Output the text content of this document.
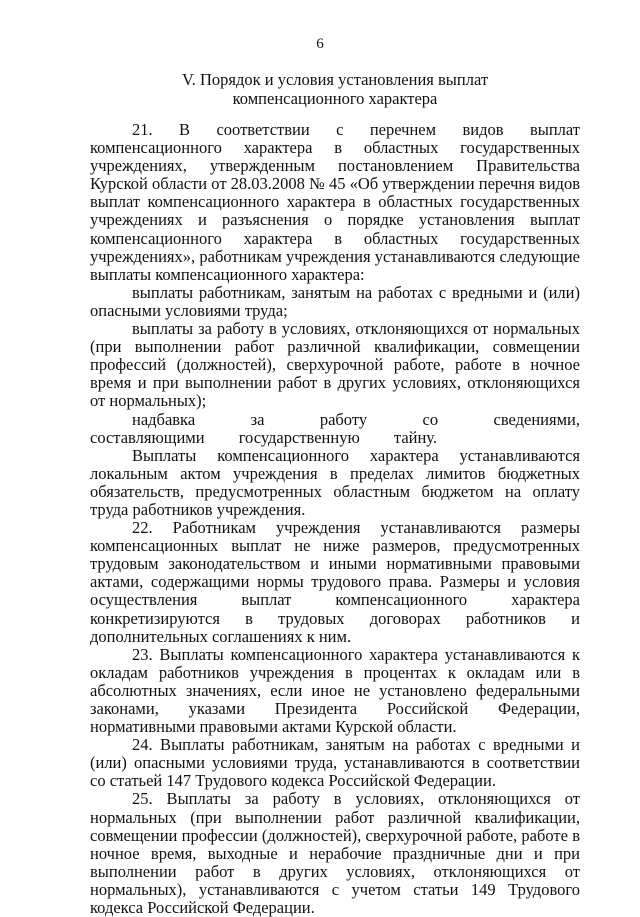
6
V. Порядок и условия установления выплат
компенсационного характера

21. В соответствии с перечнем видов выплат компенсационного характера в областных государственных учреждениях, утвержденным постановлением Правительства Курской области от 28.03.2008 № 45 «Об утверждении перечня видов выплат компенсационного характера в областных государственных учреждениях и разъяснения о порядке установления выплат компенсационного характера в областных государственных учреждениях», работникам учреждения устанавливаются следующие выплаты компенсационного характера:

выплаты работникам, занятым на работах с вредными и (или) опасными условиями труда;

выплаты за работу в условиях, отклоняющихся от нормальных (при выполнении работ различной квалификации, совмещении профессий (должностей), сверхурочной работе, работе в ночное время и при выполнении работ в других условиях, отклоняющихся от нормальных);

надбавка за работу со сведениями, составляющими государственную тайну.

Выплаты компенсационного характера устанавливаются локальным актом учреждения в пределах лимитов бюджетных обязательств, предусмотренных областным бюджетом на оплату труда работников учреждения.

22. Работникам учреждения устанавливаются размеры компенсационных выплат не ниже размеров, предусмотренных трудовым законодательством и иными нормативными правовыми актами, содержащими нормы трудового права. Размеры и условия осуществления выплат компенсационного характера конкретизируются в трудовых договорах работников и дополнительных соглашениях к ним.

23. Выплаты компенсационного характера устанавливаются к окладам работников учреждения в процентах к окладам или в абсолютных значениях, если иное не установлено федеральными законами, указами Президента Российской Федерации, нормативными правовыми актами Курской области.

24. Выплаты работникам, занятым на работах с вредными и (или) опасными условиями труда, устанавливаются в соответствии со статьей 147 Трудового кодекса Российской Федерации.

25. Выплаты за работу в условиях, отклоняющихся от нормальных (при выполнении работ различной квалификации, совмещении профессии (должностей), сверхурочной работе, работе в ночное время, выходные и нерабочие праздничные дни и при выполнении работ в других условиях, отклоняющихся от нормальных), устанавливаются с учетом статьи 149 Трудового кодекса Российской Федерации.
